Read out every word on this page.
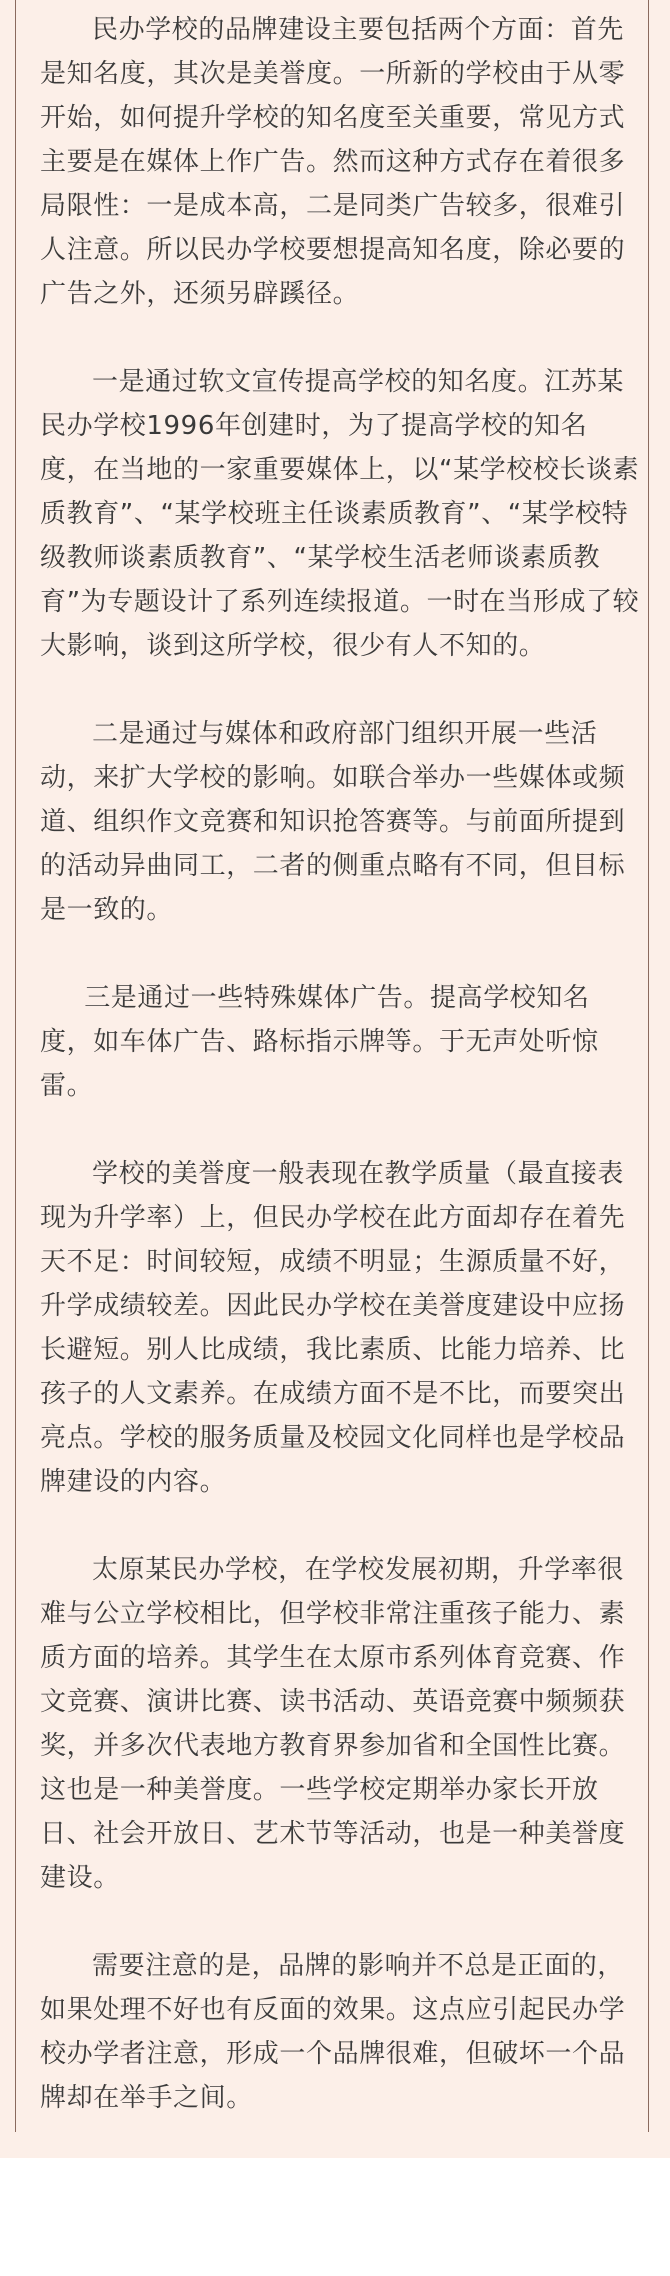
民办学校的品牌建设主要包括两个方面：首先是知名度，其次是美誉度。一所新的学校由于从零开始，如何提升学校的知名度至关重要，常见方式主要是在媒体上作广告。然而这种方式存在着很多局限性：一是成本高，二是同类广告较多，很难引人注意。所以民办学校要想提高知名度，除必要的广告之外，还须另辟蹊径。

一是通过软文宣传提高学校的知名度。江苏某民办学校1996年创建时，为了提高学校的知名度，在当地的一家重要媒体上，以“某学校校长谈素质教育”、“某学校班主任谈素质教育”、“某学校特级教师谈素质教育”、“某学校生活老师谈素质教育”为专题设计了系列连续报道。一时在当形成了较大影响，谈到这所学校，很少有人不知的。

二是通过与媒体和政府部门组织开展一些活动，来扩大学校的影响。如联合举办一些媒体或频道、组织作文竞赛和知识抢答赛等。与前面所提到的活动异曲同工，二者的侧重点略有不同，但目标是一致的。

三是通过一些特殊媒体广告。提高学校知名度，如车体广告、路标指示牌等。于无声处听惊雷。

学校的美誉度一般表现在教学质量（最直接表现为升学率）上，但民办学校在此方面却存在着先天不足：时间较短，成绩不明显；生源质量不好，升学成绩较差。因此民办学校在美誉度建设中应扬长避短。别人比成绩，我比素质、比能力培养、比孩子的人文素养。在成绩方面不是不比，而要突出亮点。学校的服务质量及校园文化同样也是学校品牌建设的内容。

太原某民办学校，在学校发展初期，升学率很难与公立学校相比，但学校非常注重孩子能力、素质方面的培养。其学生在太原市系列体育竞赛、作文竞赛、演讲比赛、读书活动、英语竞赛中频频获奖，并多次代表地方教育界参加省和全国性比赛。这也是一种美誉度。一些学校定期举办家长开放日、社会开放日、艺术节等活动，也是一种美誉度建设。

需要注意的是，品牌的影响并不总是正面的，如果处理不好也有反面的效果。这点应引起民办学校办学者注意，形成一个品牌很难，但破坏一个品牌却在举手之间。
